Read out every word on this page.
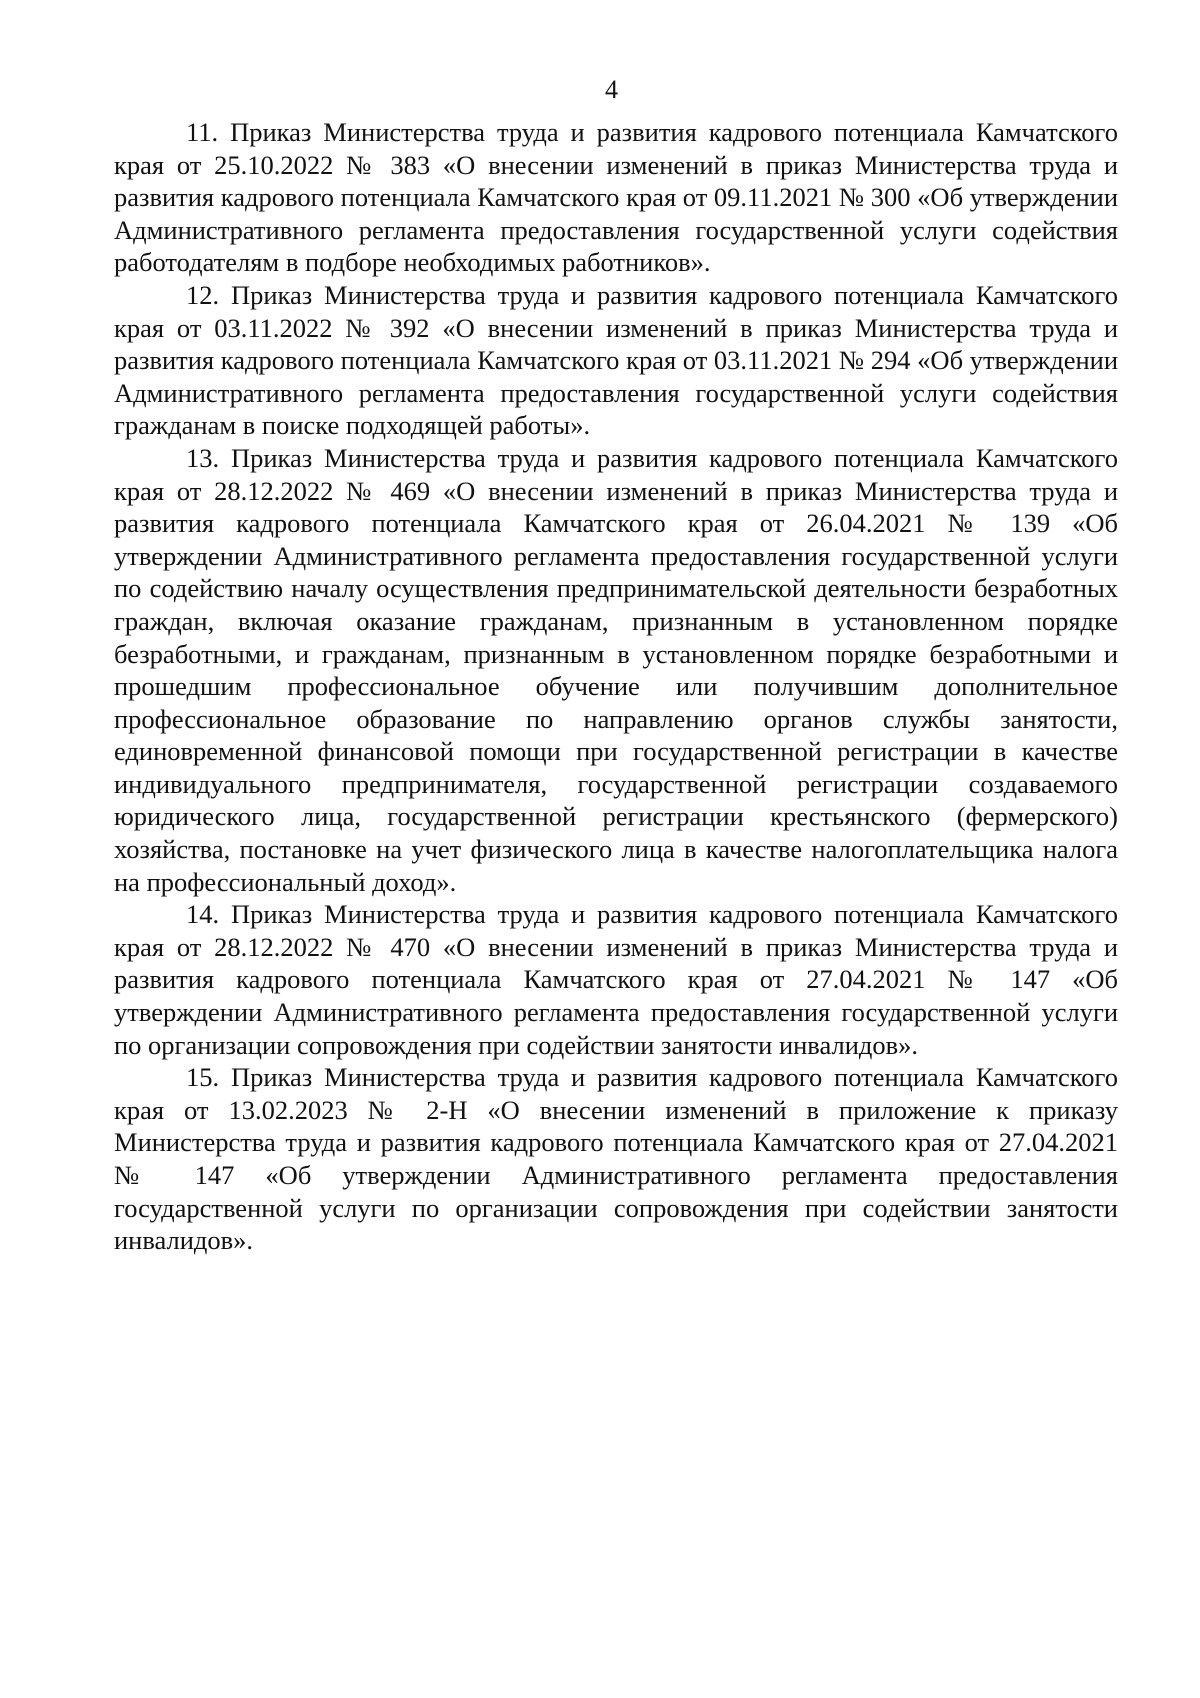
4

11. Приказ Министерства труда и развития кадрового потенциала Камчатского края от 25.10.2022 № 383 «О внесении изменений в приказ Министерства труда и развития кадрового потенциала Камчатского края от 09.11.2021 № 300 «Об утверждении Административного регламента предоставления государственной услуги содействия работодателям в подборе необходимых работников».

12. Приказ Министерства труда и развития кадрового потенциала Камчатского края от 03.11.2022 № 392 «О внесении изменений в приказ Министерства труда и развития кадрового потенциала Камчатского края от 03.11.2021 № 294 «Об утверждении Административного регламента предоставления государственной услуги содействия гражданам в поиске подходящей работы».

13. Приказ Министерства труда и развития кадрового потенциала Камчатского края от 28.12.2022 № 469 «О внесении изменений в приказ Министерства труда и развития кадрового потенциала Камчатского края от 26.04.2021 № 139 «Об утверждении Административного регламента предоставления государственной услуги по содействию началу осуществления предпринимательской деятельности безработных граждан, включая оказание гражданам, признанным в установленном порядке безработными, и гражданам, признанным в установленном порядке безработными и прошедшим профессиональное обучение или получившим дополнительное профессиональное образование по направлению органов службы занятости, единовременной финансовой помощи при государственной регистрации в качестве индивидуального предпринимателя, государственной регистрации создаваемого юридического лица, государственной регистрации крестьянского (фермерского) хозяйства, постановке на учет физического лица в качестве налогоплательщика налога на профессиональный доход».

14. Приказ Министерства труда и развития кадрового потенциала Камчатского края от 28.12.2022 № 470 «О внесении изменений в приказ Министерства труда и развития кадрового потенциала Камчатского края от 27.04.2021 № 147 «Об утверждении Административного регламента предоставления государственной услуги по организации сопровождения при содействии занятости инвалидов».

15. Приказ Министерства труда и развития кадрового потенциала Камчатского края от 13.02.2023 № 2-Н «О внесении изменений в приложение к приказу Министерства труда и развития кадрового потенциала Камчатского края от 27.04.2021 № 147 «Об утверждении Административного регламента предоставления государственной услуги по организации сопровождения при содействии занятости инвалидов».
